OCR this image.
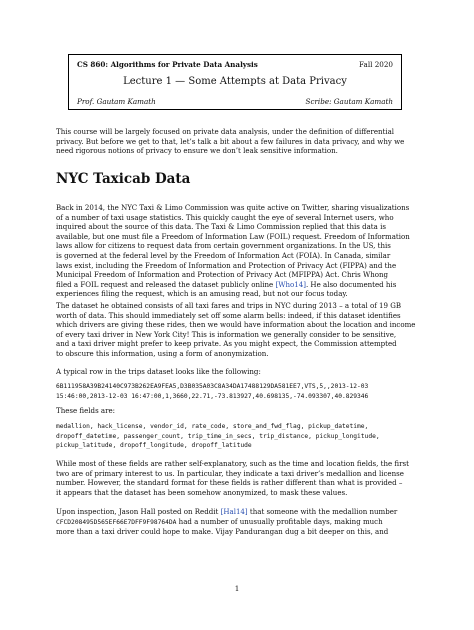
CS 860: Algorithms for Private Data Analysis	Fall 2020
Lecture 1 — Some Attempts at Data Privacy
Prof. Gautam Kamath	Scribe: Gautam Kamath

This course will be largely focused on private data analysis, under the definition of differential
privacy. But before we get to that, let’s talk a bit about a few failures in data privacy, and why we
need rigorous notions of privacy to ensure we don’t leak sensitive information.

NYC Taxicab Data

Back in 2014, the NYC Taxi & Limo Commission was quite active on Twitter, sharing visualizations
of a number of taxi usage statistics. This quickly caught the eye of several Internet users, who
inquired about the source of this data. The Taxi & Limo Commission replied that this data is
available, but one must file a Freedom of Information Law (FOIL) request. Freedom of Information
laws allow for citizens to request data from certain government organizations. In the US, this
is governed at the federal level by the Freedom of Information Act (FOIA). In Canada, similar
laws exist, including the Freedom of Information and Protection of Privacy Act (FIPPA) and the
Municipal Freedom of Information and Protection of Privacy Act (MFIPPA) Act. Chris Whong
filed a FOIL request and released the dataset publicly online [Who14]. He also documented his
experiences filing the request, which is an amusing read, but not our focus today.

The dataset he obtained consists of all taxi fares and trips in NYC during 2013 – a total of 19 GB
worth of data. This should immediately set off some alarm bells: indeed, if this dataset identifies
which drivers are giving these rides, then we would have information about the location and income
of every taxi driver in New York City! This is information we generally consider to be sensitive,
and a taxi driver might prefer to keep private. As you might expect, the Commission attempted
to obscure this information, using a form of anonymization.

A typical row in the trips dataset looks like the following:

6B111958A39B24140C973B262EA9FEA5,D3B035A03C8A34DA17488129DA581EE7,VTS,5,,2013-12-03
15:46:00,2013-12-03 16:47:00,1,3660,22.71,-73.813927,40.698135,-74.093307,40.829346

These fields are:

medallion, hack_license, vendor_id, rate_code, store_and_fwd_flag, pickup_datetime,
dropoff_datetime, passenger_count, trip_time_in_secs, trip_distance, pickup_longitude,
pickup_latitude, dropoff_longitude, dropoff_latitude

While most of these fields are rather self-explanatory, such as the time and location fields, the first
two are of primary interest to us. In particular, they indicate a taxi driver’s medallion and license
number. However, the standard format for these fields is rather different than what is provided –
it appears that the dataset has been somehow anonymized, to mask these values.

Upon inspection, Jason Hall posted on Reddit [Hal14] that someone with the medallion number
CFCD208495D565EF66E7DFF9F98764DA had a number of unusually profitable days, making much
more than a taxi driver could hope to make. Vijay Pandurangan dug a bit deeper on this, and

1
